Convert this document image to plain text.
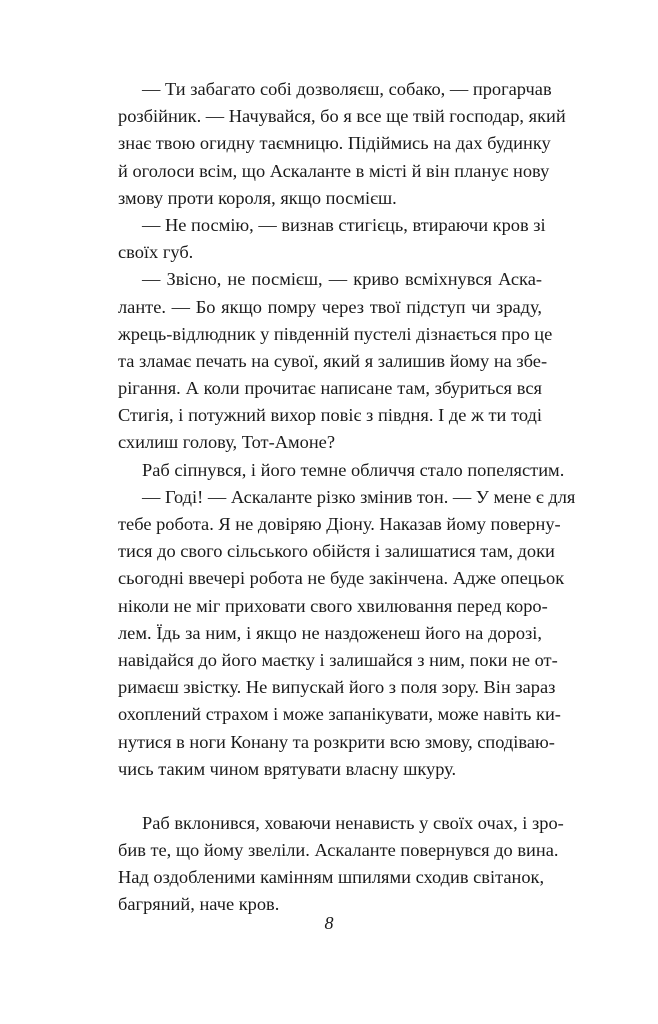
— Ти забагато собі дозволяєш, собако, — прогарчав
розбійник. — Начувайся, бо я все ще твій господар, який
знає твою огидну таємницю. Підіймись на дах будинку
й оголоси всім, що Аскаланте в місті й він планує нову
змову проти короля, якщо посмієш.
— Не посмію, — визнав стигієць, втираючи кров зі
своїх губ.
— Звісно, не посмієш, — криво всміхнувся Аска-
ланте. — Бо якщо помру через твої підступ чи зраду,
жрець-відлюдник у південній пустелі дізнається про це
та зламає печать на сувої, який я залишив йому на збе-
рігання. А коли прочитає написане там, збуриться вся
Стигія, і потужний вихор повіє з півдня. І де ж ти тоді
схилиш голову, Тот-Амоне?
Раб сіпнувся, і його темне обличчя стало попелястим.
— Годі! — Аскаланте різко змінив тон. — У мене є для
тебе робота. Я не довіряю Діону. Наказав йому поверну-
тися до свого сільського обійстя і залишатися там, доки
сьогодні ввечері робота не буде закінчена. Адже опецьок
ніколи не міг приховати свого хвилювання перед коро-
лем. Їдь за ним, і якщо не наздоженеш його на дорозі,
навідайся до його маєтку і залишайся з ним, поки не от-
римаєш звістку. Не випускай його з поля зору. Він зараз
охоплений страхом і може запанікувати, може навіть ки-
нутися в ноги Конану та розкрити всю змову, сподіваю-
чись таким чином врятувати власну шкуру.
Раб вклонився, ховаючи ненависть у своїх очах, і зро-
бив те, що йому звеліли. Аскаланте повернувся до вина.
Над оздобленими камінням шпилями сходив світанок,
багряний, наче кров.
8
